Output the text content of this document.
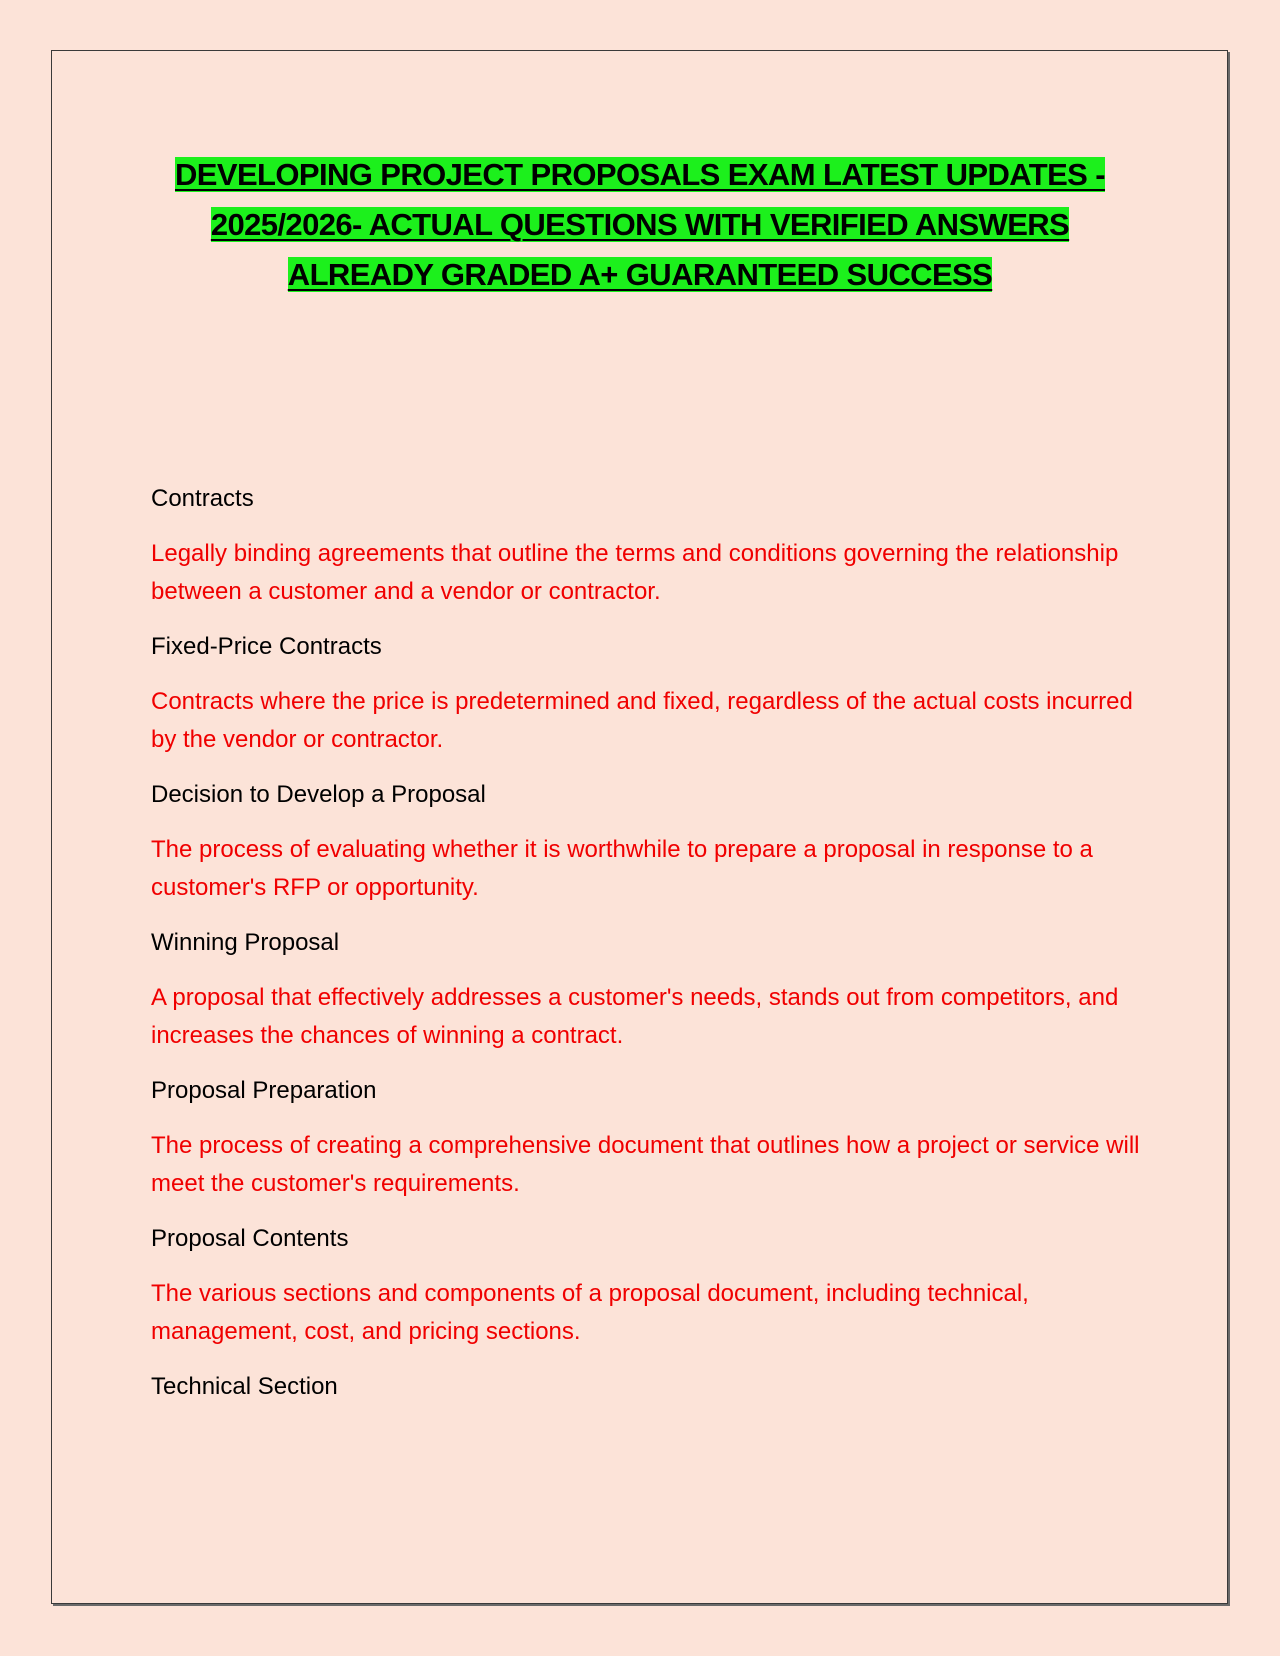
DEVELOPING PROJECT PROPOSALS EXAM LATEST UPDATES -
2025/2026- ACTUAL QUESTIONS WITH VERIFIED ANSWERS
ALREADY GRADED A+ GUARANTEED SUCCESS
Contracts
Legally binding agreements that outline the terms and conditions governing the relationship between a customer and a vendor or contractor.
Fixed-Price Contracts
Contracts where the price is predetermined and fixed, regardless of the actual costs incurred by the vendor or contractor.
Decision to Develop a Proposal
The process of evaluating whether it is worthwhile to prepare a proposal in response to a customer's RFP or opportunity.
Winning Proposal
A proposal that effectively addresses a customer's needs, stands out from competitors, and increases the chances of winning a contract.
Proposal Preparation
The process of creating a comprehensive document that outlines how a project or service will meet the customer's requirements.
Proposal Contents
The various sections and components of a proposal document, including technical, management, cost, and pricing sections.
Technical Section
